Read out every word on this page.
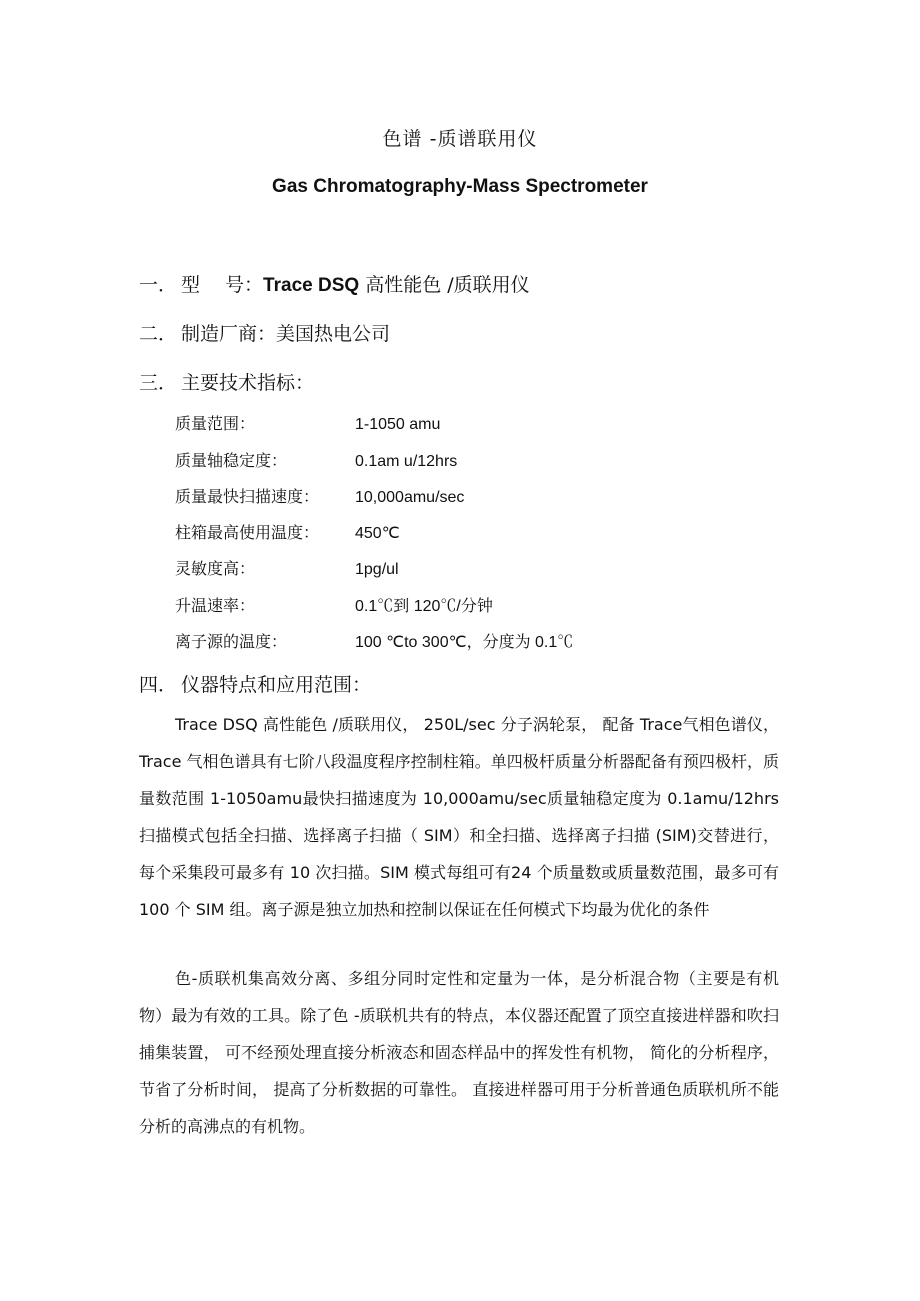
色谱 -质谱联用仪
Gas Chromatography-Mass Spectrometer
一． 型　 号：Trace DSQ 高性能色 /质联用仪
二． 制造厂商：美国热电公司
三． 主要技术指标：
质量范围：	1-1050 amu
质量轴稳定度：	0.1am u/12hrs
质量最快扫描速度： 10,000amu/sec
柱箱最高使用温度： 450℃
灵敏度高：	1pg/ul
升温速率：	0.1℃到 120℃/分钟
离子源的温度：	100 ℃to 300℃，分度为 0.1℃
四． 仪器特点和应用范围：
Trace DSQ 高性能色 /质联用仪， 250L/sec 分子涡轮泵， 配备 Trace气相色谱仪，Trace 气相色谱具有七阶八段温度程序控制柱箱。单四极杆质量分析器配备有预四极杆，质量数范围 1-1050amu最快扫描速度为 10,000amu/sec质量轴稳定度为 0.1amu/12hrs 扫描模式包括全扫描、选择离子扫描（ SIM）和全扫描、选择离子扫描 (SIM)交替进行， 每个采集段可最多有 10 次扫描。SIM 模式每组可有24 个质量数或质量数范围，最多可有 100 个 SIM 组。离子源是独立加热和控制以保证在任何模式下均最为优化的条件
色-质联机集高效分离、多组分同时定性和定量为一体，是分析混合物（主要是有机物）最为有效的工具。除了色 -质联机共有的特点，本仪器还配置了顶空直接进样器和吹扫捕集装置， 可不经预处理直接分析液态和固态样品中的挥发性有机物， 简化的分析程序， 节省了分析时间， 提高了分析数据的可靠性。 直接进样器可用于分析普通色质联机所不能分析的高沸点的有机物。
